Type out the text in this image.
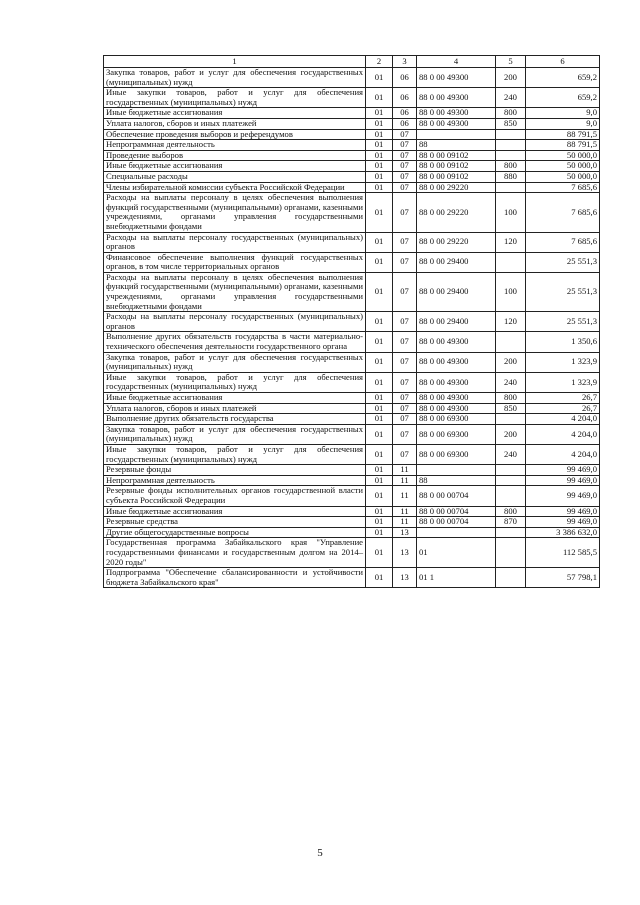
1	2	3	4	5	6
Закупка товаров, работ и услуг для обеспечения государственных (муниципальных) нужд	01	06	88 0 00 49300	200	659,2
Иные закупки товаров, работ и услуг для обеспечения государственных (муниципальных) нужд	01	06	88 0 00 49300	240	659,2
Иные бюджетные ассигнования	01	06	88 0 00 49300	800	9,0
Уплата налогов, сборов и иных платежей	01	06	88 0 00 49300	850	9,0
Обеспечение проведения выборов и референдумов	01	07			88 791,5
Непрограммная деятельность	01	07	88		88 791,5
Проведение выборов	01	07	88 0 00 09102		50 000,0
Иные бюджетные ассигнования	01	07	88 0 00 09102	800	50 000,0
Специальные расходы	01	07	88 0 00 09102	880	50 000,0
Члены избирательной комиссии субъекта Российской Федерации	01	07	88 0 00 29220		7 685,6
Расходы на выплаты персоналу в целях обеспечения выполнения функций государственными (муниципальными) органами, казенными учреждениями, органами управления государственными внебюджетными фондами	01	07	88 0 00 29220	100	7 685,6
Расходы на выплаты персоналу государственных (муниципальных) органов	01	07	88 0 00 29220	120	7 685,6
Финансовое обеспечение выполнения функций государственных органов, в том числе территориальных органов	01	07	88 0 00 29400		25 551,3
Расходы на выплаты персоналу в целях обеспечения выполнения функций государственными (муниципальными) органами, казенными учреждениями, органами управления государственными внебюджетными фондами	01	07	88 0 00 29400	100	25 551,3
Расходы на выплаты персоналу государственных (муниципальных) органов	01	07	88 0 00 29400	120	25 551,3
Выполнение других обязательств государства в части материально-технического обеспечения деятельности государственного органа	01	07	88 0 00 49300		1 350,6
Закупка товаров, работ и услуг для обеспечения государственных (муниципальных) нужд	01	07	88 0 00 49300	200	1 323,9
Иные закупки товаров, работ и услуг для обеспечения государственных (муниципальных) нужд	01	07	88 0 00 49300	240	1 323,9
Иные бюджетные ассигнования	01	07	88 0 00 49300	800	26,7
Уплата налогов, сборов и иных платежей	01	07	88 0 00 49300	850	26,7
Выполнение других обязательств государства	01	07	88 0 00 69300		4 204,0
Закупка товаров, работ и услуг для обеспечения государственных (муниципальных) нужд	01	07	88 0 00 69300	200	4 204,0
Иные закупки товаров, работ и услуг для обеспечения государственных (муниципальных) нужд	01	07	88 0 00 69300	240	4 204,0
Резервные фонды	01	11			99 469,0
Непрограммная деятельность	01	11	88		99 469,0
Резервные фонды исполнительных органов государственной власти субъекта Российской Федерации	01	11	88 0 00 00704		99 469,0
Иные бюджетные ассигнования	01	11	88 0 00 00704	800	99 469,0
Резервные средства	01	11	88 0 00 00704	870	99 469,0
Другие общегосударственные вопросы	01	13			3 386 632,0
Государственная программа Забайкальского края "Управление государственными финансами и государственным долгом на 2014–2020 годы"	01	13	01		112 585,5
Подпрограмма "Обеспечение сбалансированности и устойчивости бюджета Забайкальского края"	01	13	01 1		57 798,1
5
